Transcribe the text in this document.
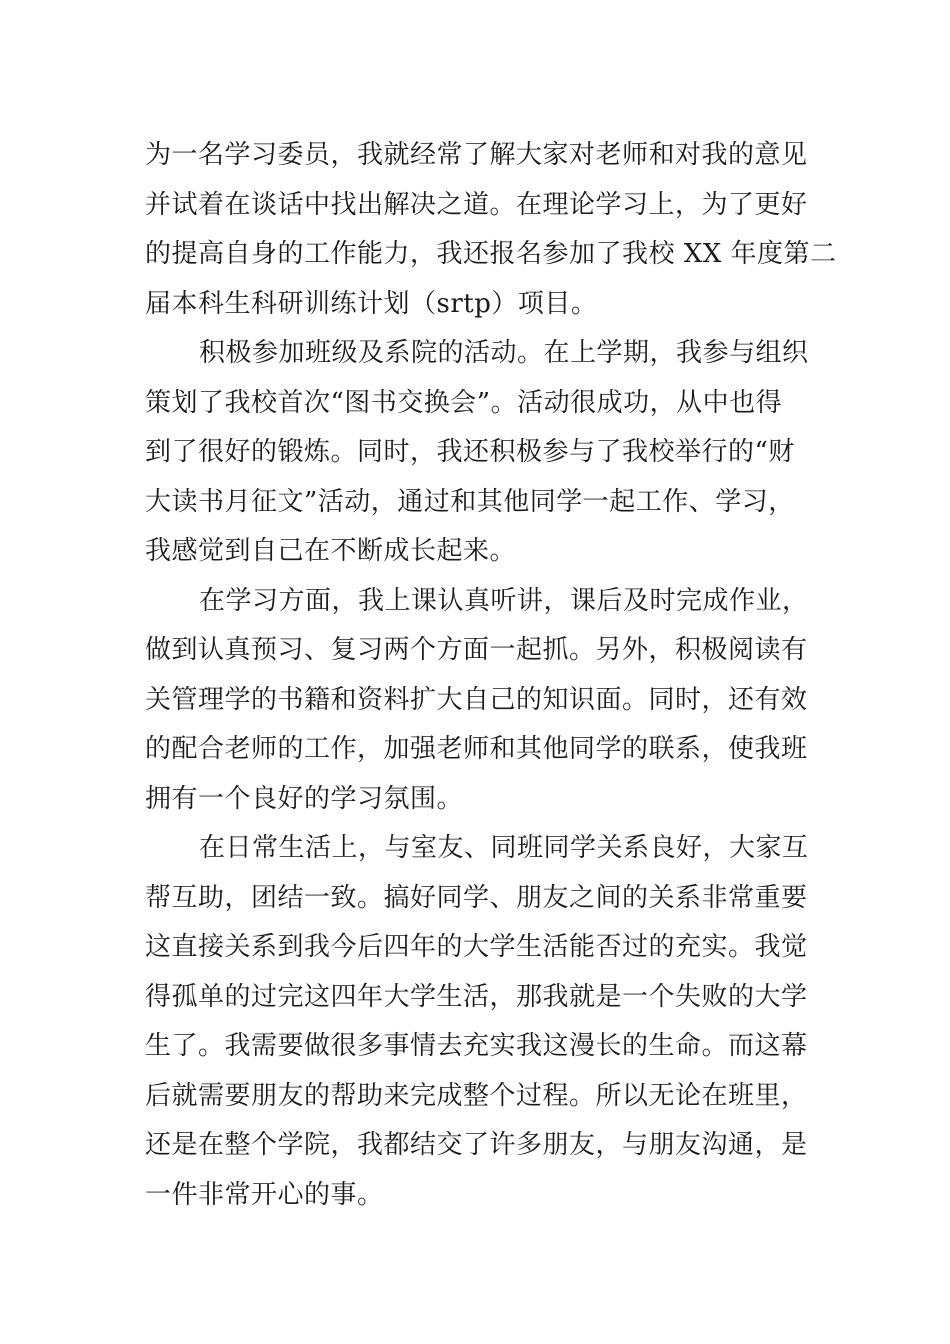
为一名学习委员，我就经常了解大家对老师和对我的意见
并试着在谈话中找出解决之道。在理论学习上，为了更好
的提高自身的工作能力，我还报名参加了我校 XX 年度第二
届本科生科研训练计划（srtp）项目。
积极参加班级及系院的活动。在上学期，我参与组织
策划了我校首次“图书交换会”。活动很成功，从中也得
到了很好的锻炼。同时，我还积极参与了我校举行的“财
大读书月征文”活动，通过和其他同学一起工作、学习，
我感觉到自己在不断成长起来。
在学习方面，我上课认真听讲，课后及时完成作业，
做到认真预习、复习两个方面一起抓。另外，积极阅读有
关管理学的书籍和资料扩大自己的知识面。同时，还有效
的配合老师的工作，加强老师和其他同学的联系，使我班
拥有一个良好的学习氛围。
在日常生活上，与室友、同班同学关系良好，大家互
帮互助，团结一致。搞好同学、朋友之间的关系非常重要
这直接关系到我今后四年的大学生活能否过的充实。我觉
得孤单的过完这四年大学生活，那我就是一个失败的大学
生了。我需要做很多事情去充实我这漫长的生命。而这幕
后就需要朋友的帮助来完成整个过程。所以无论在班里，
还是在整个学院，我都结交了许多朋友，与朋友沟通，是
一件非常开心的事。
